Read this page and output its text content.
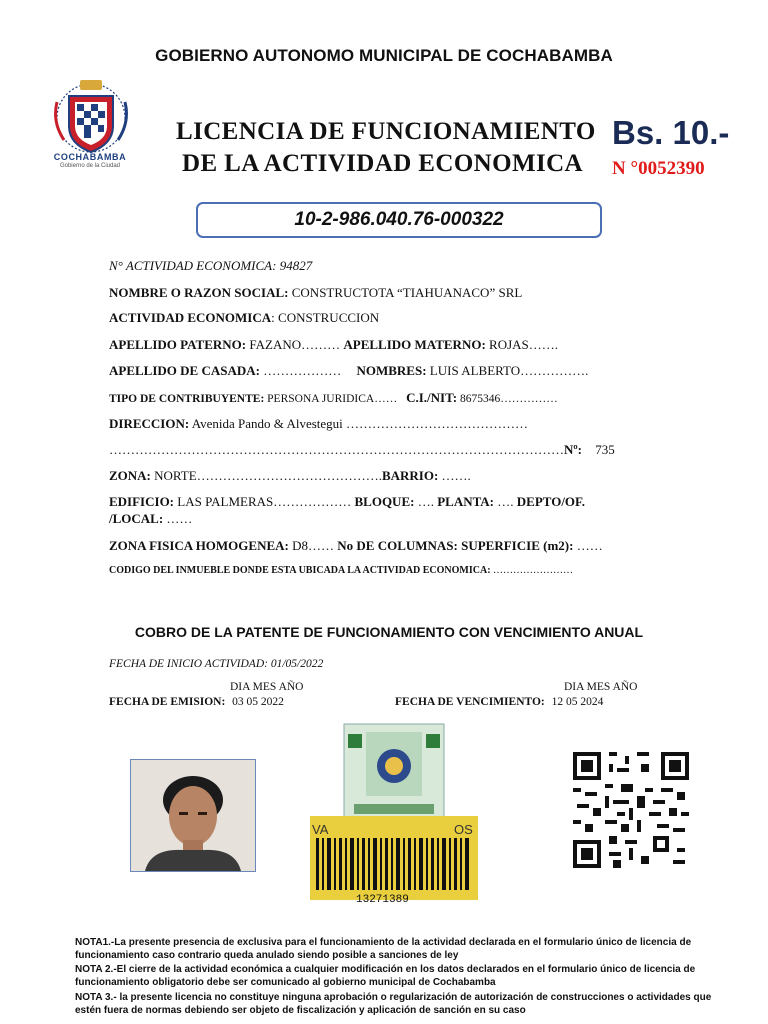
GOBIERNO AUTONOMO MUNICIPAL DE COCHABAMBA
COCHABAMBA
Gobierno de la Ciudad
LICENCIA DE FUNCIONAMIENTO
DE LA ACTIVIDAD ECONOMICA
Bs. 10.-
N °0052390
10-2-986.040.76-000322
N° ACTIVIDAD ECONOMICA: 94827
NOMBRE O RAZON SOCIAL: CONSTRUCTOTA “TIAHUANACO” SRL
ACTIVIDAD ECONOMICA: CONSTRUCCION
APELLIDO PATERNO: FAZANO……… APELLIDO MATERNO: ROJAS…….
APELLIDO DE CASADA: ……………… NOMBRES: LUIS ALBERTO…………….
TIPO DE CONTRIBUYENTE: PERSONA JURIDICA…… C.I./NIT: 8675346……………
DIRECCION: Avenida Pando & Alvestegui ……………………………………
……………………………………………………………………………………………Nº: 735
ZONA: NORTE…………………………………….BARRIO: …….
EDIFICIO: LAS PALMERAS……………… BLOQUE: …. PLANTA: …. DEPTO/OF.
/LOCAL: ……
ZONA FISICA HOMOGENEA: D8…… No DE COLUMNAS: SUPERFICIE (m2): ……
CODIGO DEL INMUEBLE DONDE ESTA UBICADA LA ACTIVIDAD ECONOMICA: ……………………
COBRO DE LA PATENTE DE FUNCIONAMIENTO CON VENCIMIENTO ANUAL
FECHA DE INICIO ACTIVIDAD: 01/05/2022
DIA MES AÑO	DIA MES AÑO
FECHA DE EMISION: 03 05 2022	FECHA DE VENCIMIENTO: 12 05 2024
VA	OS
13271389
NOTA1.-La presente presencia de exclusiva para el funcionamiento de la actividad declarada en el formulario único de licencia de funcionamiento caso contrario queda anulado siendo posible a sanciones de ley
NOTA 2.-El cierre de la actividad económica a cualquier modificación en los datos declarados en el formulario único de licencia de funcionamiento obligatorio debe ser comunicado al gobierno municipal de Cochabamba
NOTA 3.- la presente licencia no constituye ninguna aprobación o regularización de autorización de construcciones o actividades que estén fuera de normas debiendo ser objeto de fiscalización y aplicación de sanción en su caso
